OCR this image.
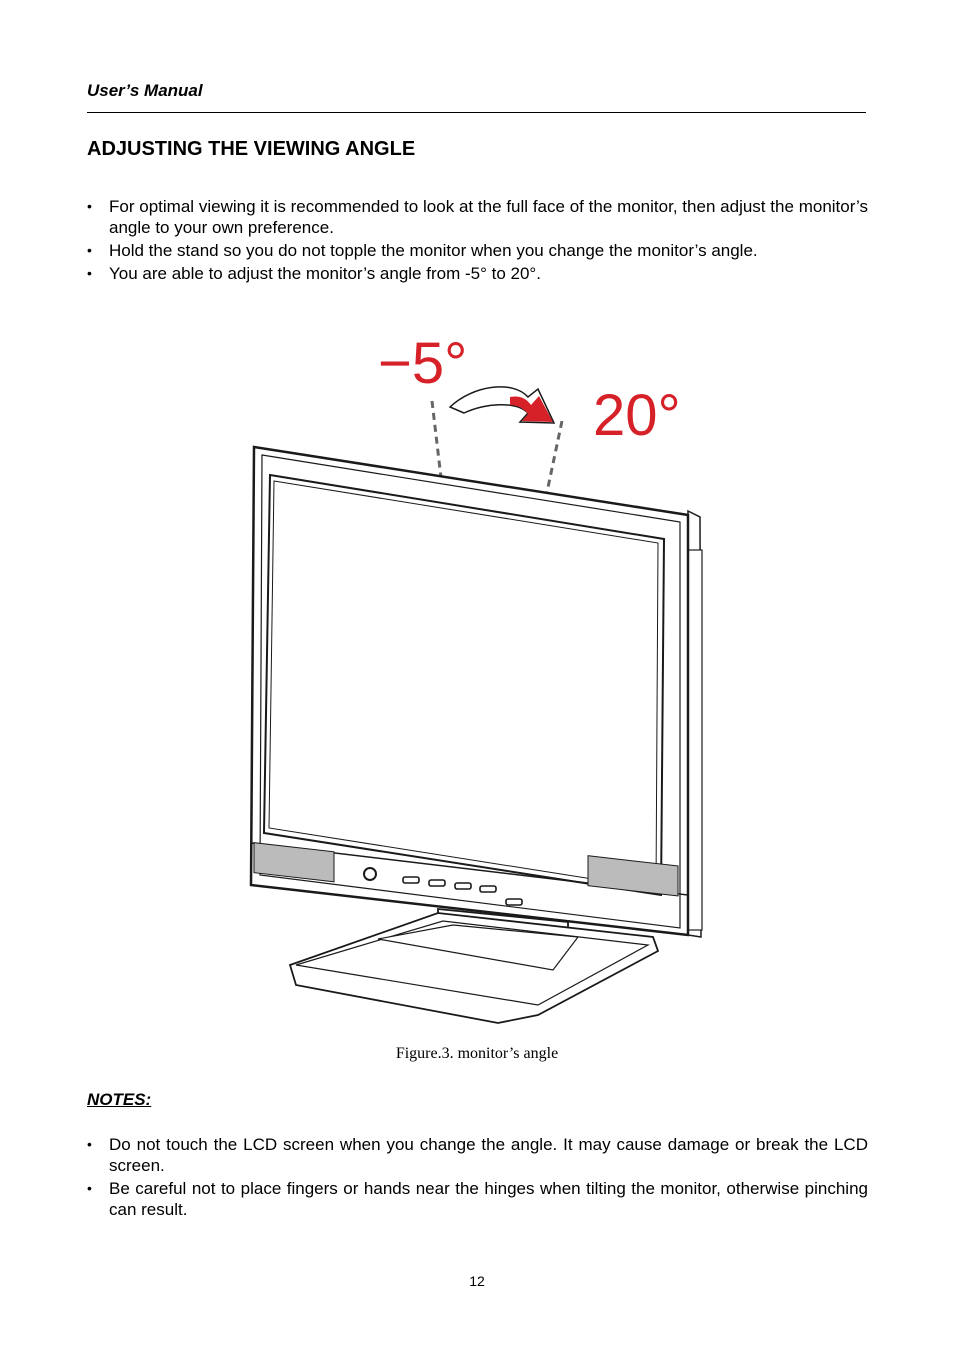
User’s Manual
ADJUSTING THE VIEWING ANGLE
• For optimal viewing it is recommended to look at the full face of the monitor, then adjust the monitor’s angle to your own preference.
• Hold the stand so you do not topple the monitor when you change the monitor’s angle.
• You are able to adjust the monitor’s angle from -5° to 20°.
−5°
20°
Figure.3. monitor’s angle
NOTES:
• Do not touch the LCD screen when you change the angle. It may cause damage or break the LCD screen.
• Be careful not to place fingers or hands near the hinges when tilting the monitor, otherwise pinching can result.
12
